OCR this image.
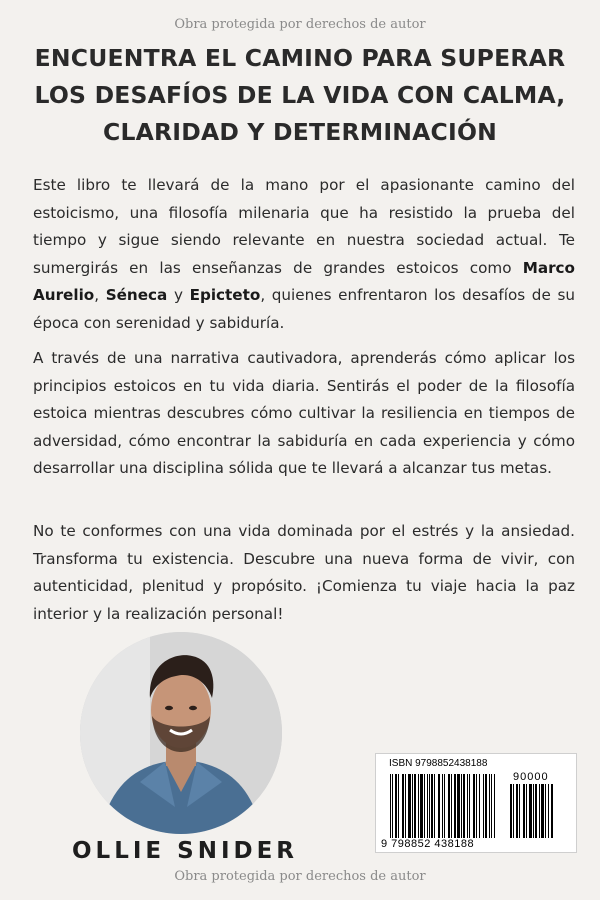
Obra protegida por derechos de autor
ENCUENTRA EL CAMINO PARA SUPERAR
LOS DESAFÍOS DE LA VIDA CON CALMA,
CLARIDAD Y DETERMINACIÓN
Este libro te llevará de la mano por el apasionante camino del estoicismo, una filosofía milenaria que ha resistido la prueba del tiempo y sigue siendo relevante en nuestra sociedad actual. Te sumergirás en las enseñanzas de grandes estoicos como Marco Aurelio, Séneca y Epicteto, quienes enfrentaron los desafíos de su época con serenidad y sabiduría.
A través de una narrativa cautivadora, aprenderás cómo aplicar los principios estoicos en tu vida diaria. Sentirás el poder de la filosofía estoica mientras descubres cómo cultivar la resiliencia en tiempos de adversidad, cómo encontrar la sabiduría en cada experiencia y cómo desarrollar una disciplina sólida que te llevará a alcanzar tus metas.
No te conformes con una vida dominada por el estrés y la ansiedad. Transforma tu existencia. Descubre una nueva forma de vivir, con autenticidad, plenitud y propósito. ¡Comienza tu viaje hacia la paz interior y la realización personal!
OLLIE SNIDER
ISBN 9798852438188
90000
9 798852 438188
Obra protegida por derechos de autor
